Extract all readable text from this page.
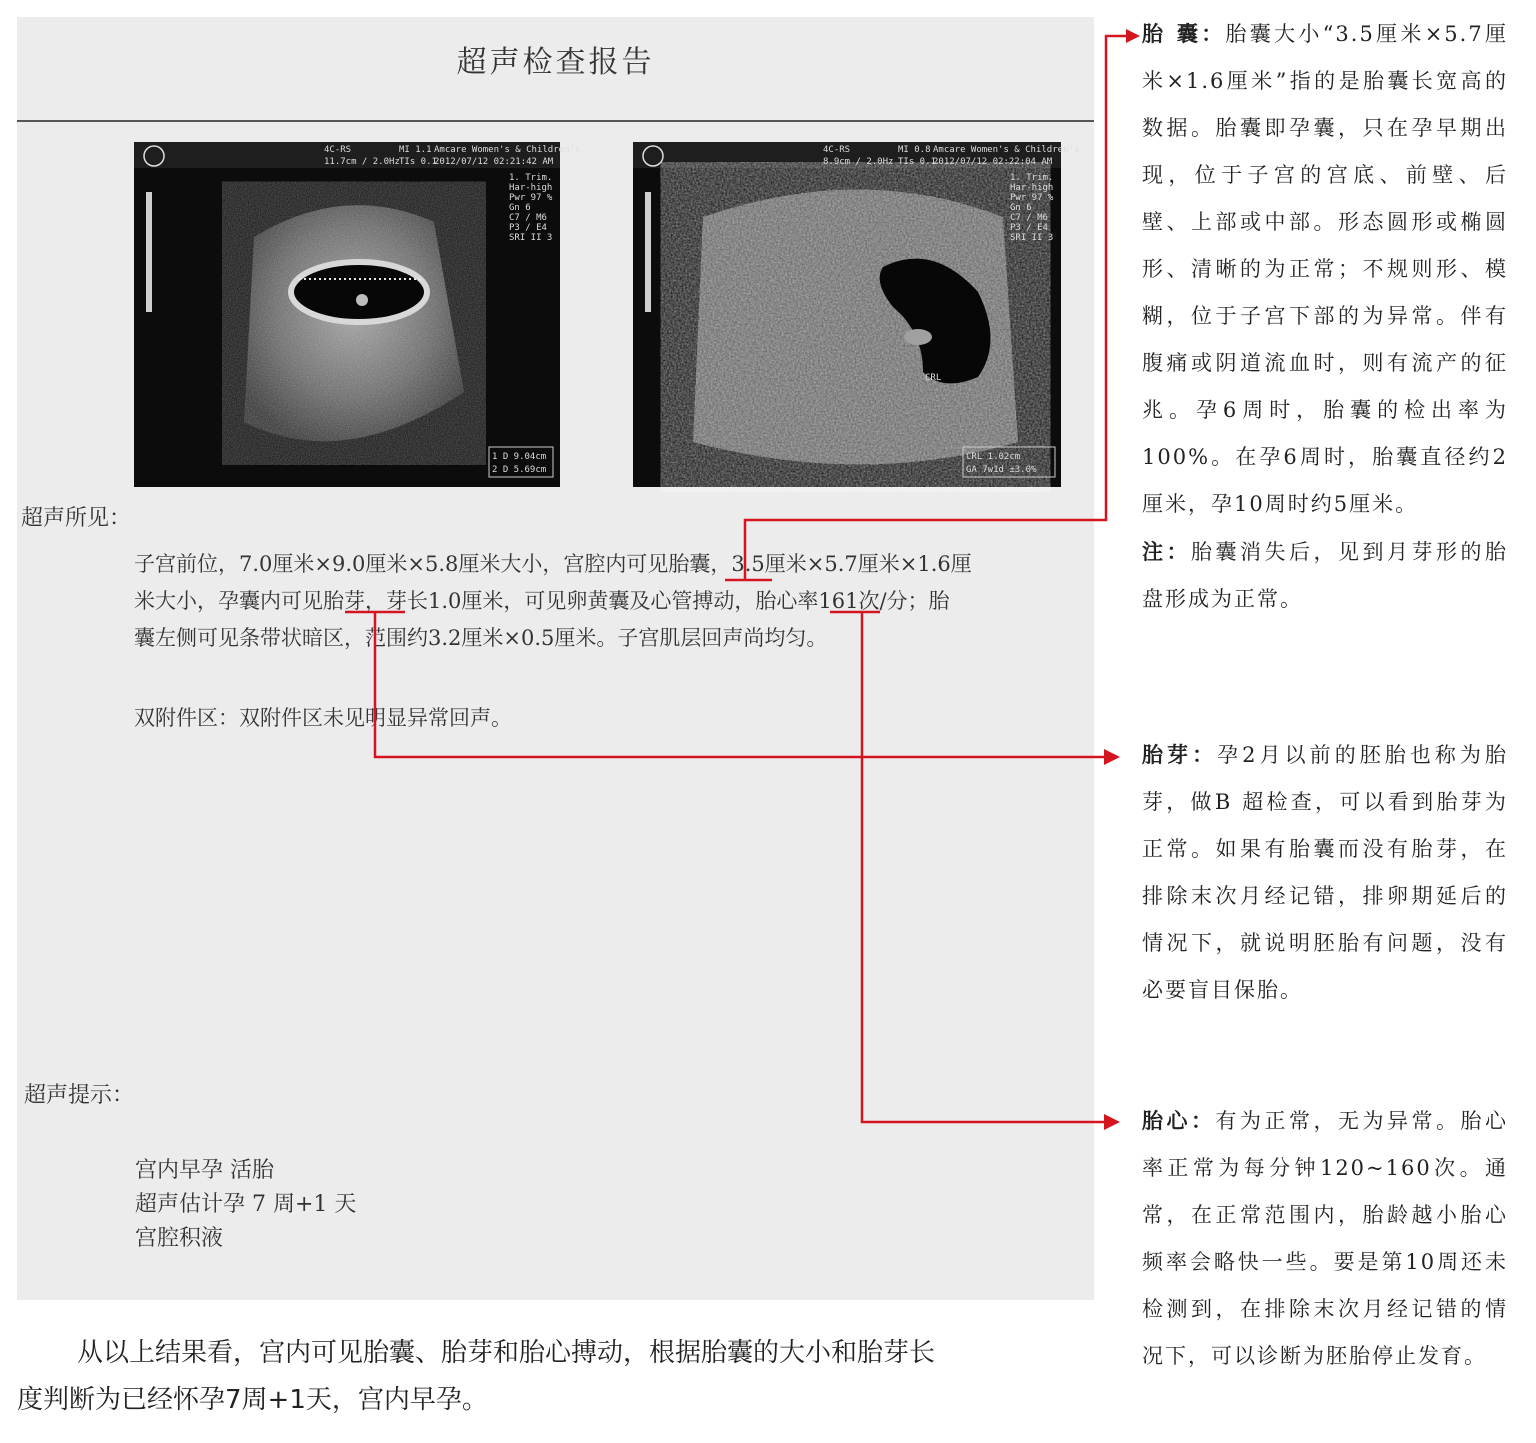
超声检查报告
4C-RS	MI 1.1 Amcare Women's & Children's
11.7cm / 2.0Hz TIs 0.1
2012/07/12 02:21:42 AM
1. Trim.
Har-high
Pwr 97 %
Gn 6
C7 / M6
P3 / E4
SRI II 3
1 D 9.04cm
2 D 5.69cm
4C-RS	MI 0.8 Amcare Women's & Children's
8.9cm / 2.0Hz TIs 0.1
2012/07/12 02:22:04 AM
1. Trim.
Har-high
Pwr 97 %
Gn 6
C7 / M6
P3 / E4
SRI II 3
CRL
CRL 1.02cm
GA 7w1d ±3.0%
超声所见：

子宫前位，7.0厘米×9.0厘米×5.8厘米大小，宫腔内可见胎囊，3.5厘米×5.7厘米×1.6厘

米大小，孕囊内可见胎芽，芽长1.0厘米，可见卵黄囊及心管搏动，胎心率161次/分；胎

囊左侧可见条带状暗区，范围约3.2厘米×0.5厘米。子宫肌层回声尚均匀。

双附件区：双附件区未见明显异常回声。
超声提示：
宫内早孕 活胎
超声估计孕 7 周+1 天
宫腔积液
从以上结果看，宫内可见胎囊、胎芽和胎心搏动，根据胎囊的大小和胎芽长
度判断为已经怀孕7周+1天，宫内早孕。

胎 囊：胎囊大小“3.5厘米×5.7厘米×1.6厘米”指的是胎囊长宽高的数据。胎囊即孕囊，只在孕早期出现，位于子宫的宫底、前壁、后壁、上部或中部。形态圆形或椭圆形、清晰的为正常；不规则形、模糊，位于子宫下部的为异常。伴有腹痛或阴道流血时，则有流产的征兆。孕6周时，胎囊的检出率为100%。在孕6周时，胎囊直径约2厘米，孕10周时约5厘米。

注：胎囊消失后，见到月芽形的胎盘形成为正常。

胎芽：孕2月以前的胚胎也称为胎芽，做B 超检查，可以看到胎芽为正常。如果有胎囊而没有胎芽，在排除末次月经记错，排卵期延后的情况下，就说明胚胎有问题，没有必要盲目保胎。

胎心：有为正常，无为异常。胎心率正常为每分钟120~160次。通常，在正常范围内，胎龄越小胎心频率会略快一些。要是第10周还未检测到，在排除末次月经记错的情况下，可以诊断为胚胎停止发育。
